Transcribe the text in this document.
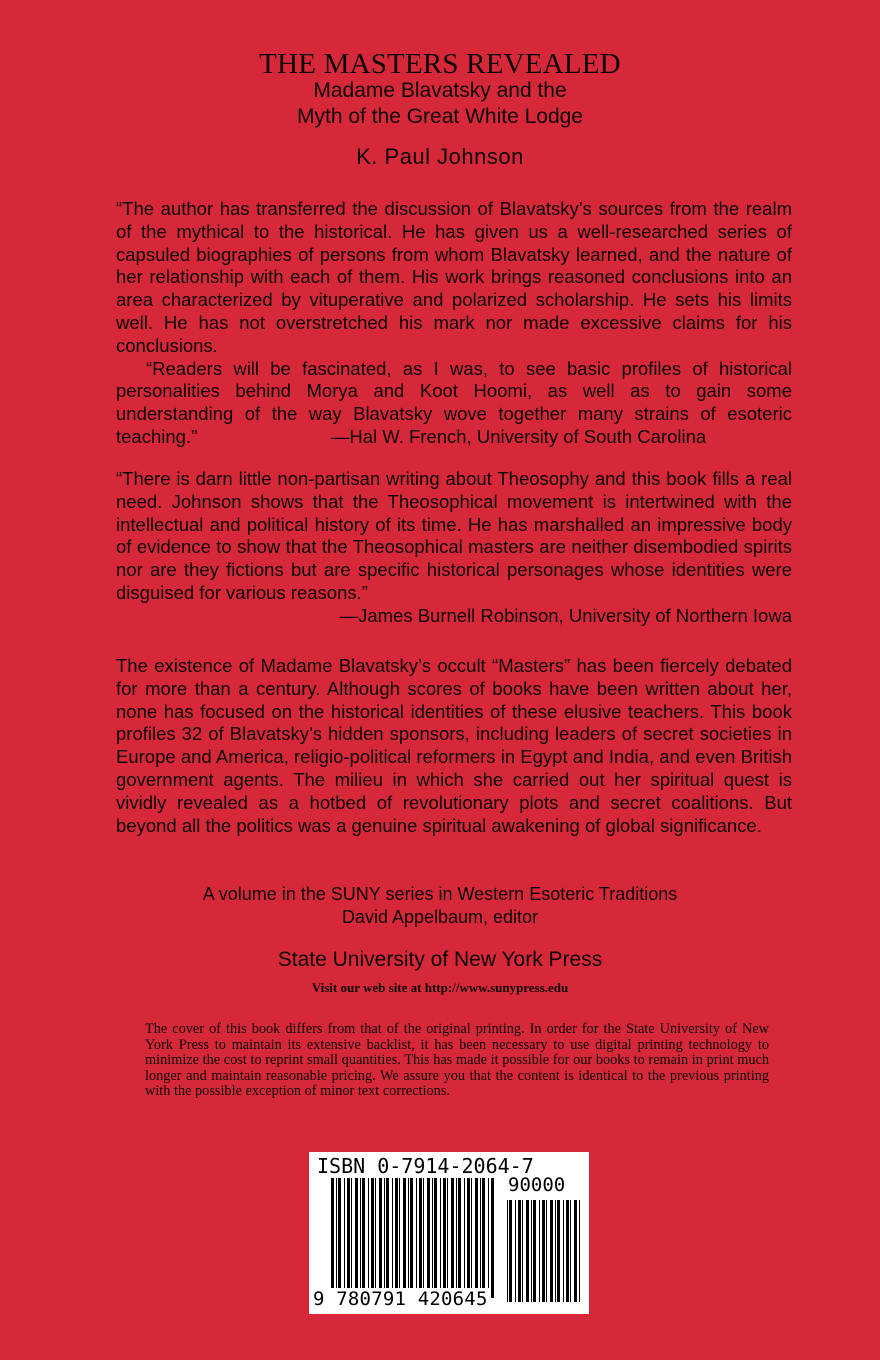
THE MASTERS REVEALED
Madame Blavatsky and the
Myth of the Great White Lodge
K. Paul Johnson

“The author has transferred the discussion of Blavatsky’s sources from the realm of the mythical to the historical. He has given us a well-researched series of capsuled biographies of persons from whom Blavatsky learned, and the nature of her relationship with each of them. His work brings reasoned conclusions into an area characterized by vituperative and polarized scholarship. He sets his limits well. He has not overstretched his mark nor made excessive claims for his conclusions.

“Readers will be fascinated, as I was, to see basic profiles of historical personalities behind Morya and Koot Hoomi, as well as to gain some understanding of the way Blavatsky wove together many strains of esoteric teaching.”	—Hal W. French, University of South Carolina

“There is darn little non-partisan writing about Theosophy and this book fills a real need. Johnson shows that the Theosophical movement is intertwined with the intellectual and political history of its time. He has marshalled an impressive body of evidence to show that the Theosophical masters are neither disembodied spirits nor are they fictions but are specific historical personages whose identities were disguised for various reasons.”

—James Burnell Robinson, University of Northern Iowa

The existence of Madame Blavatsky’s occult “Masters” has been fiercely debated for more than a century. Although scores of books have been written about her, none has focused on the historical identities of these elusive teachers. This book profiles 32 of Blavatsky’s hidden sponsors, including leaders of secret societies in Europe and America, religio-political reformers in Egypt and India, and even British government agents. The milieu in which she carried out her spiritual quest is vividly revealed as a hotbed of revolutionary plots and secret coalitions. But beyond all the politics was a genuine spiritual awakening of global significance.

A volume in the SUNY series in Western Esoteric Traditions
David Appelbaum, editor
State University of New York Press
Visit our web site at http://www.sunypress.edu
The cover of this book differs from that of the original printing. In order for the State University of New York Press to maintain its extensive backlist, it has been necessary to use digital printing technology to minimize the cost to reprint small quantities. This has made it possible for our books to remain in print much longer and maintain reasonable pricing. We assure you that the content is identical to the previous printing with the possible exception of minor text corrections.
ISBN 0-7914-2064-7
90000
9 780791 420645
